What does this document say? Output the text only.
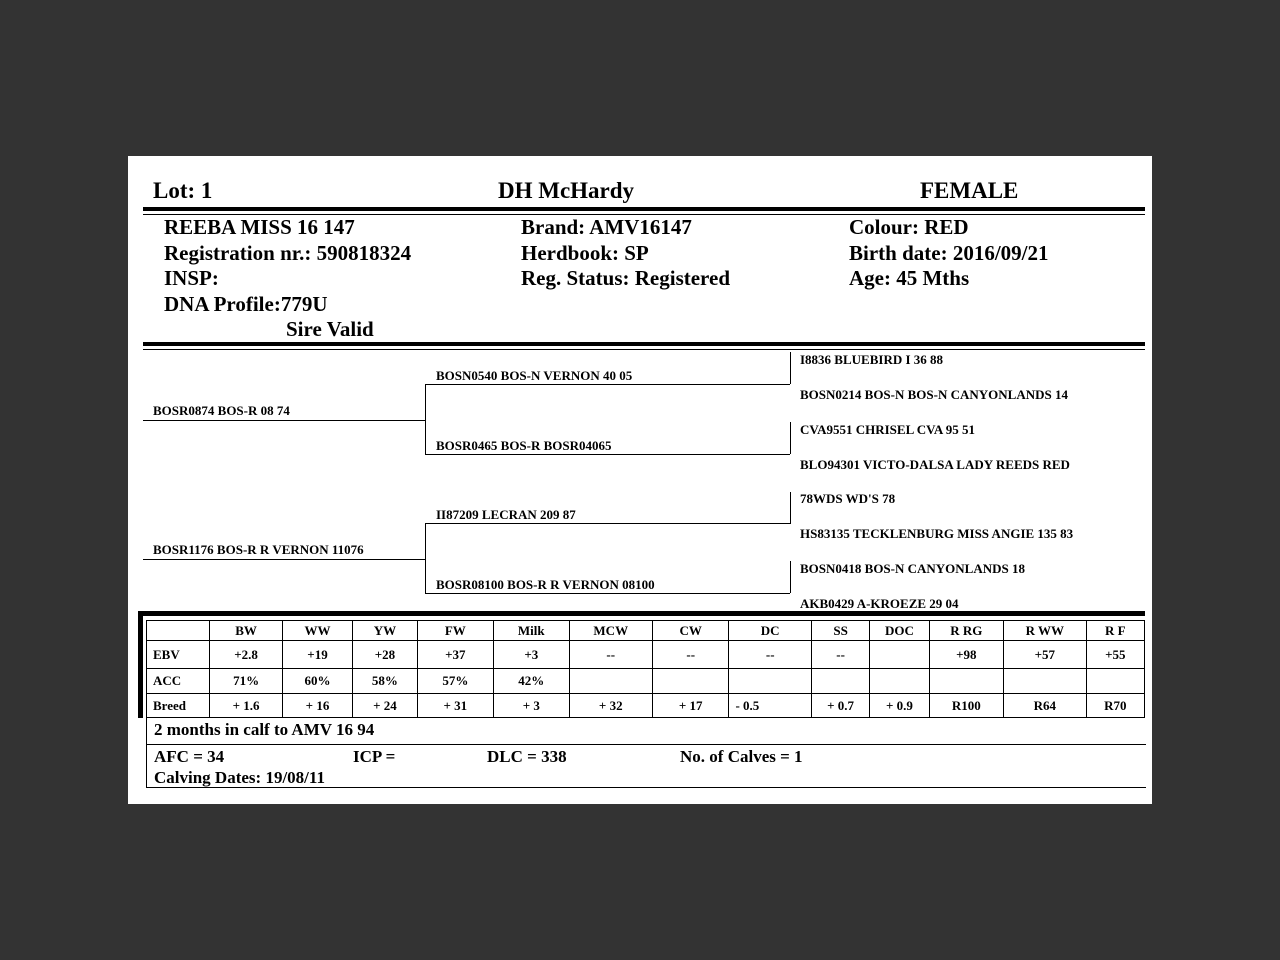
Lot: 1	DH McHardy	FEMALE
REEBA MISS 16 147
Registration nr.: 590818324
INSP:
DNA Profile:779U
Sire Valid
Brand: AMV16147
Herdbook: SP
Reg. Status: Registered
Colour: RED
Birth date: 2016/09/21
Age: 45 Mths
BOSR0874 BOS-R 08 74
BOSR1176 BOS-R R VERNON 11076
BOSN0540 BOS-N VERNON 40 05
BOSR0465 BOS-R BOSR04065
II87209 LECRAN 209 87
BOSR08100 BOS-R R VERNON 08100
I8836 BLUEBIRD I 36 88
BOSN0214 BOS-N BOS-N CANYONLANDS 14
CVA9551 CHRISEL CVA 95 51
BLO94301 VICTO-DALSA LADY REEDS RED
78WDS WD'S 78
HS83135 TECKLENBURG MISS ANGIE 135 83
BOSN0418 BOS-N CANYONLANDS 18
AKB0429 A-KROEZE 29 04
	BW	WW	YW	FW	Milk	MCW	CW	DC	SS	DOC	R RG	R WW	R F
EBV	+2.8	+19	+28	+37	+3	--	--	--	--		+98	+57	+55
ACC	71%	60%	58%	57%	42%								
Breed	+ 1.6	+ 16	+ 24	+ 31	+ 3	+ 32	+ 17	- 0.5	+ 0.7	+ 0.9	R100	R64	R70
2 months in calf to AMV 16 94
AFC = 34	ICP =	DLC = 338	No. of Calves = 1
Calving Dates: 19/08/11
